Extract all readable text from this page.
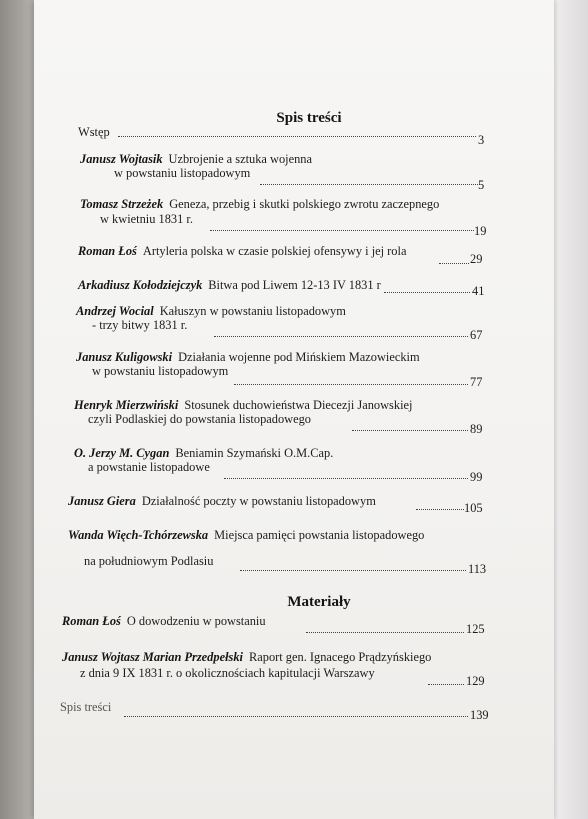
Spis treści
Wstęp
3
Janusz Wojtasik Uzbrojenie a sztuka wojenna
w powstaniu listopadowym
5
Tomasz Strzeżek Geneza, przebig i skutki polskiego zwrotu zaczepnego
w kwietniu 1831 r.
19
Roman Łoś Artyleria polska w czasie polskiej ofensywy i jej rola
29
Arkadiusz Kołodziejczyk Bitwa pod Liwem 12-13 IV 1831 r	41
Andrzej Wocial Kałuszyn w powstaniu listopadowym
- trzy bitwy 1831 r.
67
Janusz Kuligowski Działania wojenne pod Mińskiem Mazowieckim
w powstaniu listopadowym
77
Henryk Mierzwiński Stosunek duchowieństwa Diecezji Janowskiej
czyli Podlaskiej do powstania listopadowego
89
O. Jerzy M. Cygan Beniamin Szymański O.M.Cap.
a powstanie listopadowe
99
Janusz Giera Działalność poczty w powstaniu listopadowym	105
Wanda Więch-Tchórzewska Miejsca pamięci powstania listopadowego
na południowym Podlasiu
113
Materiały
Roman Łoś O dowodzeniu w powstaniu
125
Janusz Wojtasz Marian Przedpełski Raport gen. Ignacego Prądzyńskiego
z dnia 9 IX 1831 r. o okolicznościach kapitulacji Warszawy
129
Spis treści
139
